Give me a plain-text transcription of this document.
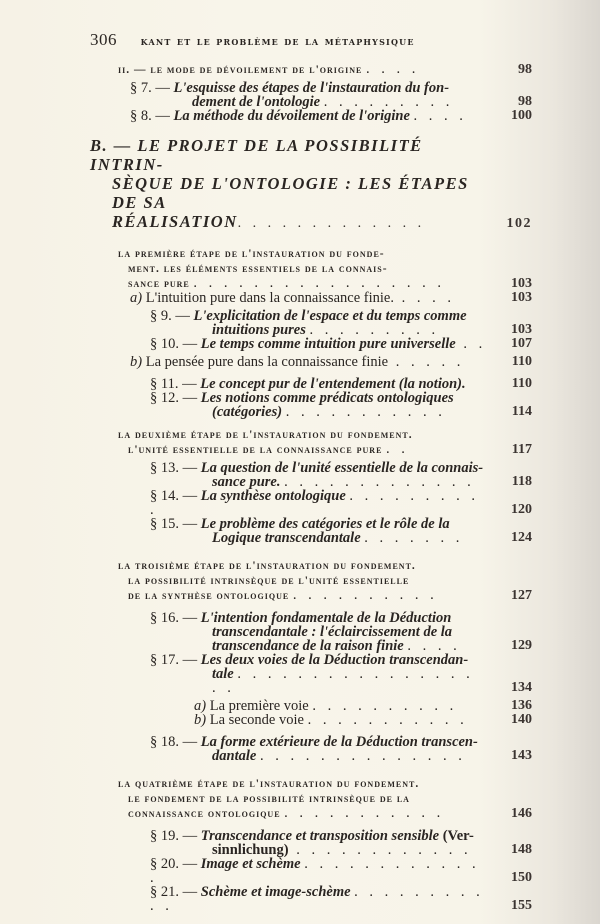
306 kant et le problème de la métaphysique
ii. — le mode de dévoilement de l'origine . . . .	98
§ 7. — L'esquisse des étapes de l'instauration du fon-
dement de l'ontologie . . . . . . . . .	98
§ 8. — La méthode du dévoilement de l'origine . . . .	100
B. — LE PROJET DE LA POSSIBILITÉ INTRIN-
SÈQUE DE L'ONTOLOGIE : LES ÉTAPES DE SA
RÉALISATION. . . . . . . . . . . . .	102
la première étape de l'instauration du fonde-
ment. les éléments essentiels de la connais-
sance pure . . . . . . . . . . . . . . . . .	103
a) L'intuition pure dans la connaissance finie. . . . .	103
§ 9. — L'explicitation de l'espace et du temps comme
intuitions pures . . . . . . . . .	103
§ 10. — Le temps comme intuition pure universelle . .	107
b) La pensée pure dans la connaissance finie . . . . .	110
§ 11. — Le concept pur de l'entendement (la notion).	110
§ 12. — Les notions comme prédicats ontologiques
(catégories) . . . . . . . . . . .	114
la deuxième étape de l'instauration du fondement.
l'unité essentielle de la connaissance pure . .	117
§ 13. — La question de l'unité essentielle de la connais-
sance pure. . . . . . . . . . . . . .	118
§ 14. — La synthèse ontologique . . . . . . . . . .	120
§ 15. — Le problème des catégories et le rôle de la
Logique transcendantale . . . . . . .	124
la troisième étape de l'instauration du fondement.
la possibilité intrinsèque de l'unité essentielle
de la synthèse ontologique . . . . . . . . . .	127
§ 16. — L'intention fondamentale de la Déduction
transcendantale : l'éclaircissement de la
transcendance de la raison finie . . . .	129
§ 17. — Les deux voies de la Déduction transcendan-
tale . . . . . . . . . . . . . . . . . .	134
a) La première voie . . . . . . . . . .	136
b) La seconde voie . . . . . . . . . . .	140
§ 18. — La forme extérieure de la Déduction transcen-
dantale . . . . . . . . . . . . . .	143
la quatrième étape de l'instauration du fondement.
le fondement de la possibilité intrinsèque de la
connaissance ontologique . . . . . . . . . . .	146
§ 19. — Transcendance et transposition sensible (Ver-
sinnlichung) . . . . . . . . . . . .	148
§ 20. — Image et schème . . . . . . . . . . . . .	150
§ 21. — Schème et image-schème . . . . . . . . . . .	155
